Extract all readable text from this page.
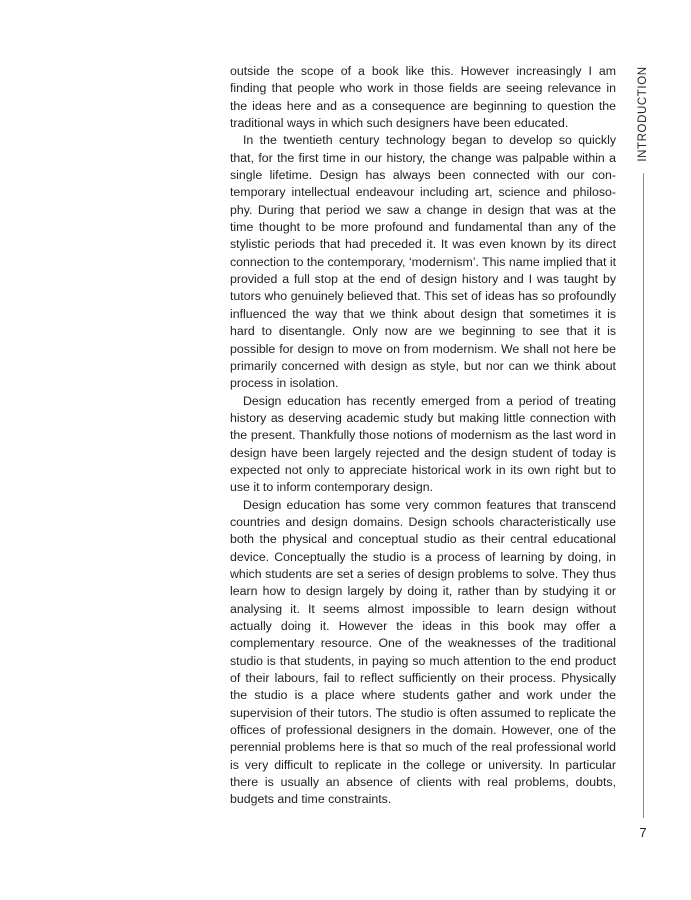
outside the scope of a book like this. However increasingly I am finding that people who work in those fields are seeing relevance in the ideas here and as a consequence are beginning to question the traditional ways in which such designers have been educated.

In the twentieth century technology began to develop so quickly that, for the first time in our history, the change was palpable within a single lifetime. Design has always been connected with our contemporary intellectual endeavour including art, science and philosophy. During that period we saw a change in design that was at the time thought to be more profound and fundamental than any of the stylistic periods that had preceded it. It was even known by its direct connection to the contemporary, ‘modernism’. This name implied that it provided a full stop at the end of design history and I was taught by tutors who genuinely believed that. This set of ideas has so profoundly influenced the way that we think about design that sometimes it is hard to disentangle. Only now are we beginning to see that it is possible for design to move on from modernism. We shall not here be primarily concerned with design as style, but nor can we think about process in isolation.

Design education has recently emerged from a period of treating history as deserving academic study but making little connection with the present. Thankfully those notions of modernism as the last word in design have been largely rejected and the design student of today is expected not only to appreciate historical work in its own right but to use it to inform contemporary design.

Design education has some very common features that transcend countries and design domains. Design schools characteristically use both the physical and conceptual studio as their central educational device. Conceptually the studio is a process of learning by doing, in which students are set a series of design problems to solve. They thus learn how to design largely by doing it, rather than by studying it or analysing it. It seems almost impossible to learn design without actually doing it. However the ideas in this book may offer a complementary resource. One of the weaknesses of the traditional studio is that students, in paying so much attention to the end product of their labours, fail to reflect sufficiently on their process. Physically the studio is a place where students gather and work under the supervision of their tutors. The studio is often assumed to replicate the offices of professional designers in the domain. However, one of the perennial problems here is that so much of the real professional world is very difficult to replicate in the college or university. In particular there is usually an absence of clients with real problems, doubts, budgets and time constraints.

INTRODUCTION
7
